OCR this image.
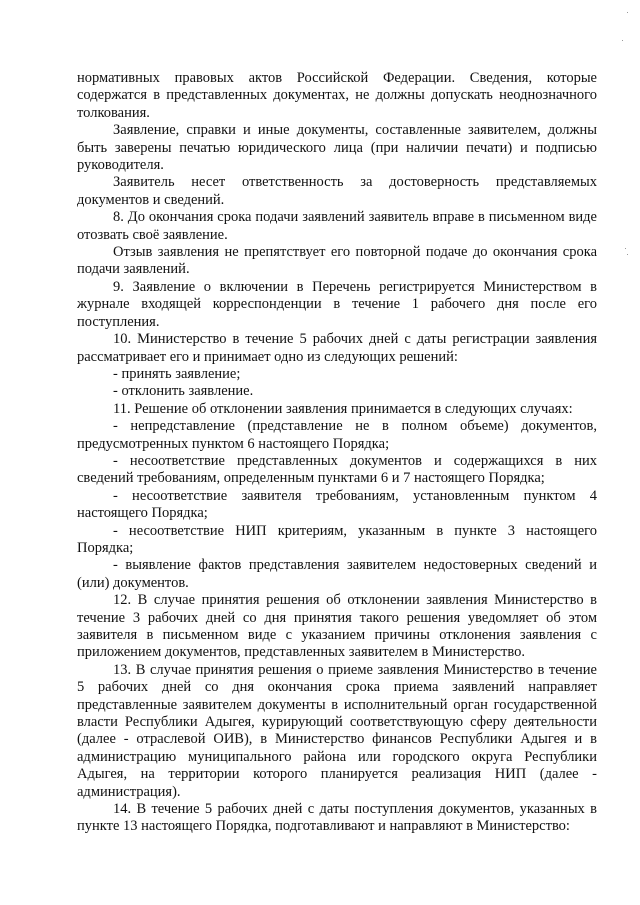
нормативных правовых актов Российской Федерации. Сведения, которые содержатся в представленных документах, не должны допускать неоднозначного толкования.

Заявление, справки и иные документы, составленные заявителем, должны быть заверены печатью юридического лица (при наличии печати) и подписью руководителя.

Заявитель несет ответственность за достоверность представляемых документов и сведений.

8. До окончания срока подачи заявлений заявитель вправе в письменном виде отозвать своё заявление.

Отзыв заявления не препятствует его повторной подаче до окончания срока подачи заявлений.

9. Заявление о включении в Перечень регистрируется Министерством в журнале входящей корреспонденции в течение 1 рабочего дня после его поступления.

10. Министерство в течение 5 рабочих дней с даты регистрации заявления рассматривает его и принимает одно из следующих решений:

- принять заявление;

- отклонить заявление.

11. Решение об отклонении заявления принимается в следующих случаях:

- непредставление (представление не в полном объеме) документов, предусмотренных пунктом 6 настоящего Порядка;

- несоответствие представленных документов и содержащихся в них сведений требованиям, определенным пунктами 6 и 7 настоящего Порядка;

- несоответствие заявителя требованиям, установленным пунктом 4 настоящего Порядка;

- несоответствие НИП критериям, указанным в пункте 3 настоящего Порядка;

- выявление фактов представления заявителем недостоверных сведений и (или) документов.

12. В случае принятия решения об отклонении заявления Министерство в течение 3 рабочих дней со дня принятия такого решения уведомляет об этом заявителя в письменном виде с указанием причины отклонения заявления с приложением документов, представленных заявителем в Министерство.

13. В случае принятия решения о приеме заявления Министерство в течение 5 рабочих дней со дня окончания срока приема заявлений направляет представленные заявителем документы в исполнительный орган государственной власти Республики Адыгея, курирующий соответствующую сферу деятельности (далее - отраслевой ОИВ), в Министерство финансов Республики Адыгея и в администрацию муниципального района или городского округа Республики Адыгея, на территории которого планируется реализация НИП (далее - администрация).

14. В течение 5 рабочих дней с даты поступления документов, указанных в пункте 13 настоящего Порядка, подготавливают и направляют в Министерство:
